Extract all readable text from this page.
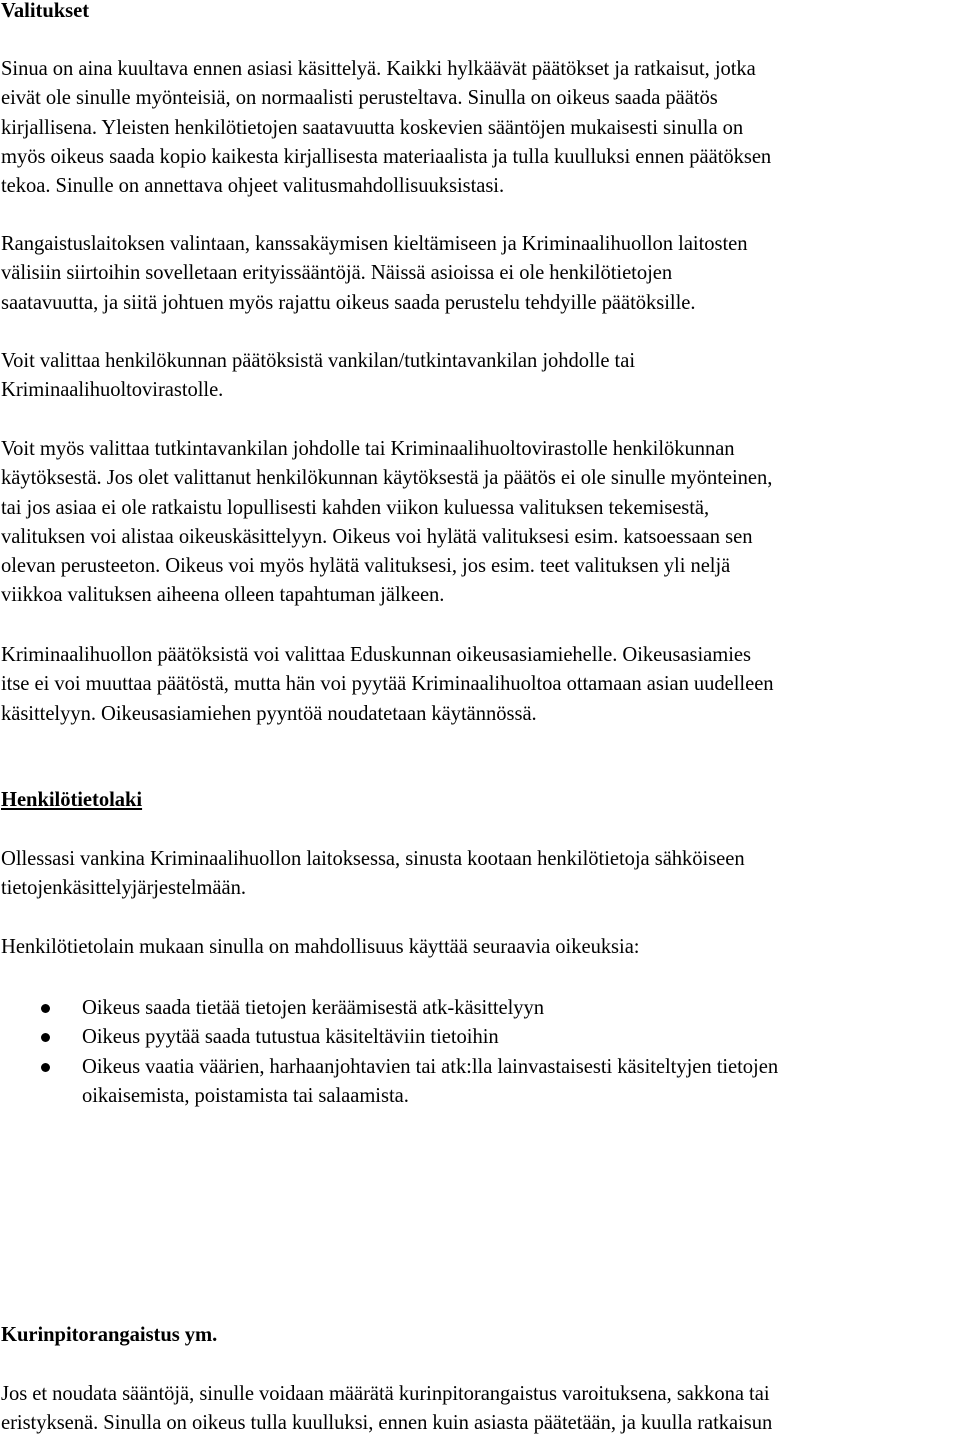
Valitukset

Sinua on aina kuultava ennen asiasi käsittelyä. Kaikki hylkäävät päätökset ja ratkaisut, jotka
eivät ole sinulle myönteisiä, on normaalisti perusteltava. Sinulla on oikeus saada päätös
kirjallisena. Yleisten henkilötietojen saatavuutta koskevien sääntöjen mukaisesti sinulla on
myös oikeus saada kopio kaikesta kirjallisesta materiaalista ja tulla kuulluksi ennen päätöksen
tekoa. Sinulle on annettava ohjeet valitusmahdollisuuksistasi.

Rangaistuslaitoksen valintaan, kanssakäymisen kieltämiseen ja Kriminaalihuollon laitosten
välisiin siirtoihin sovelletaan erityissääntöjä. Näissä asioissa ei ole henkilötietojen
saatavuutta, ja siitä johtuen myös rajattu oikeus saada perustelu tehdyille päätöksille.

Voit valittaa henkilökunnan päätöksistä vankilan/tutkintavankilan johdolle tai
Kriminaalihuoltovirastolle.

Voit myös valittaa tutkintavankilan johdolle tai Kriminaalihuoltovirastolle henkilökunnan
käytöksestä. Jos olet valittanut henkilökunnan käytöksestä ja päätös ei ole sinulle myönteinen,
tai jos asiaa ei ole ratkaistu lopullisesti kahden viikon kuluessa valituksen tekemisestä,
valituksen voi alistaa oikeuskäsittelyyn. Oikeus voi hylätä valituksesi esim. katsoessaan sen
olevan perusteeton. Oikeus voi myös hylätä valituksesi, jos esim. teet valituksen yli neljä
viikkoa valituksen aiheena olleen tapahtuman jälkeen.

Kriminaalihuollon päätöksistä voi valittaa Eduskunnan oikeusasiamiehelle. Oikeusasiamies
itse ei voi muuttaa päätöstä, mutta hän voi pyytää Kriminaalihuoltoa ottamaan asian uudelleen
käsittelyyn. Oikeusasiamiehen pyyntöä noudatetaan käytännössä.

Henkilötietolaki

Ollessasi vankina Kriminaalihuollon laitoksessa, sinusta kootaan henkilötietoja sähköiseen
tietojenkäsittelyjärjestelmään.

Henkilötietolain mukaan sinulla on mahdollisuus käyttää seuraavia oikeuksia:

Oikeus saada tietää tietojen keräämisestä atk-käsittelyyn
Oikeus pyytää saada tutustua käsiteltäviin tietoihin
Oikeus vaatia väärien, harhaanjohtavien tai atk:lla lainvastaisesti käsiteltyjen tietojen
oikaisemista, poistamista tai salaamista.
Kurinpitorangaistus ym.

Jos et noudata sääntöjä, sinulle voidaan määrätä kurinpitorangaistus varoituksena, sakkona tai
eristyksenä. Sinulla on oikeus tulla kuulluksi, ennen kuin asiasta päätetään, ja kuulla ratkaisun
